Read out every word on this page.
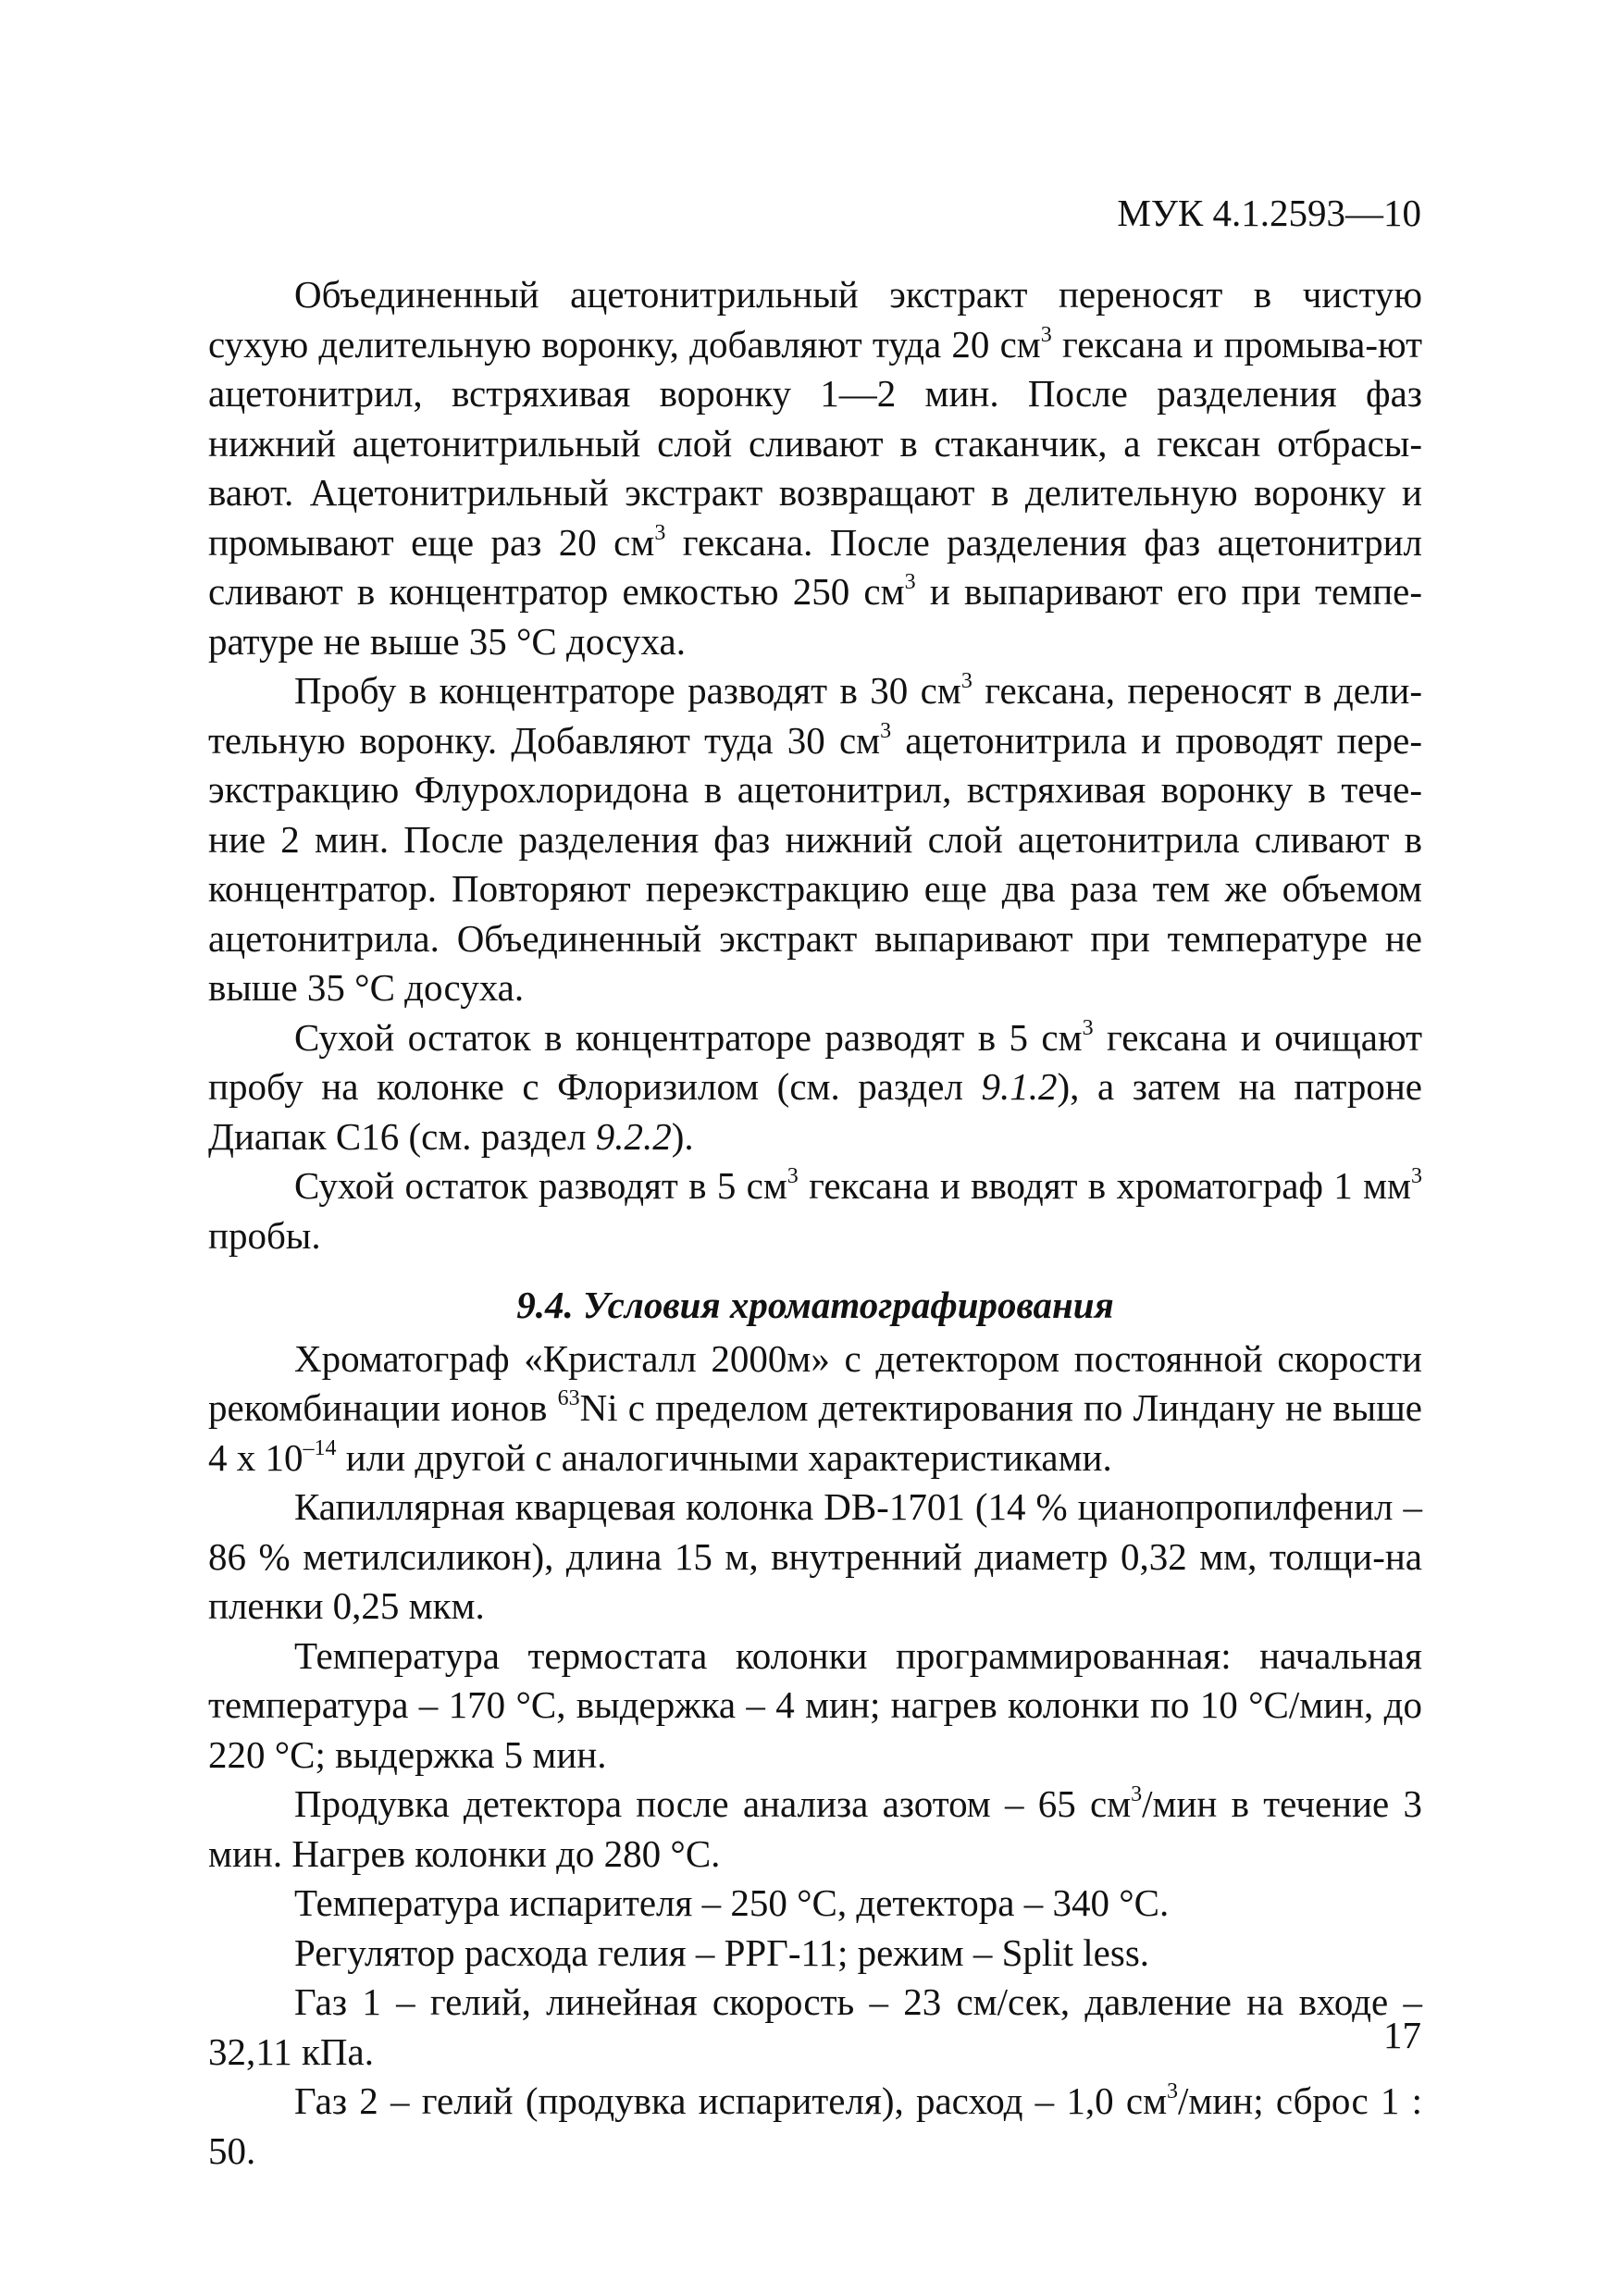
МУК 4.1.2593—10

Объединенный ацетонитрильный экстракт переносят в чистую сухую делительную воронку, добавляют туда 20 $см^3$ гексана и промыва-ют ацетонитрил, встряхивая воронку 1—2 мин. После разделения фаз нижний ацетонитрильный слой сливают в стаканчик, а гексан отбрасы-вают. Ацетонитрильный экстракт возвращают в делительную воронку и промывают еще раз 20 $см^3$ гексана. После разделения фаз ацетонитрил сливают в концентратор емкостью 250 $см^3$ и выпаривают его при темпе-ратуре не выше 35 °С досуха.

Пробу в концентраторе разводят в 30 $см^3$ гексана, переносят в дели-тельную воронку. Добавляют туда 30 $см^3$ ацетонитрила и проводят пере-экстракцию Флурохлоридона в ацетонитрил, встряхивая воронку в тече-ние 2 мин. После разделения фаз нижний слой ацетонитрила сливают в концентратор. Повторяют переэкстракцию еще два раза тем же объемом ацетонитрила. Объединенный экстракт выпаривают при температуре не выше 35 °С досуха.

Сухой остаток в концентраторе разводят в 5 $см^3$ гексана и очищают пробу на колонке с Флоризилом (см. раздел 9.1.2), а затем на патроне Диапак С16 (см. раздел 9.2.2).

Сухой остаток разводят в 5 $см^3$ гексана и вводят в хроматограф 1 $мм^3$ пробы.

9.4. Условия хроматографирования

Хроматограф «Кристалл 2000м» с детектором постоянной скорости рекомбинации ионов $^{63}$Ni с пределом детектирования по Линдану не выше 4 x $10^{-14}$ или другой с аналогичными характеристиками.

Капиллярная кварцевая колонка DB-1701 (14 % цианопропилфенил – 86 % метилсиликон), длина 15 м, внутренний диаметр 0,32 мм, толщи-на пленки 0,25 мкм.

Температура термостата колонки программированная: начальная температура – 170 °С, выдержка – 4 мин; нагрев колонки по 10 °С/мин, до 220 °С; выдержка 5 мин.

Продувка детектора после анализа азотом – 65 $см^3$/мин в течение 3 мин. Нагрев колонки до 280 °С.

Температура испарителя – 250 °С, детектора – 340 °С.

Регулятор расхода гелия – РРГ-11; режим – Split less.

Газ 1 – гелий, линейная скорость – 23 см/сек, давление на входе – 32,11 кПа.

Газ 2 – гелий (продувка испарителя), расход – 1,0 $см^3$/мин; сброс 1 : 50.

17
